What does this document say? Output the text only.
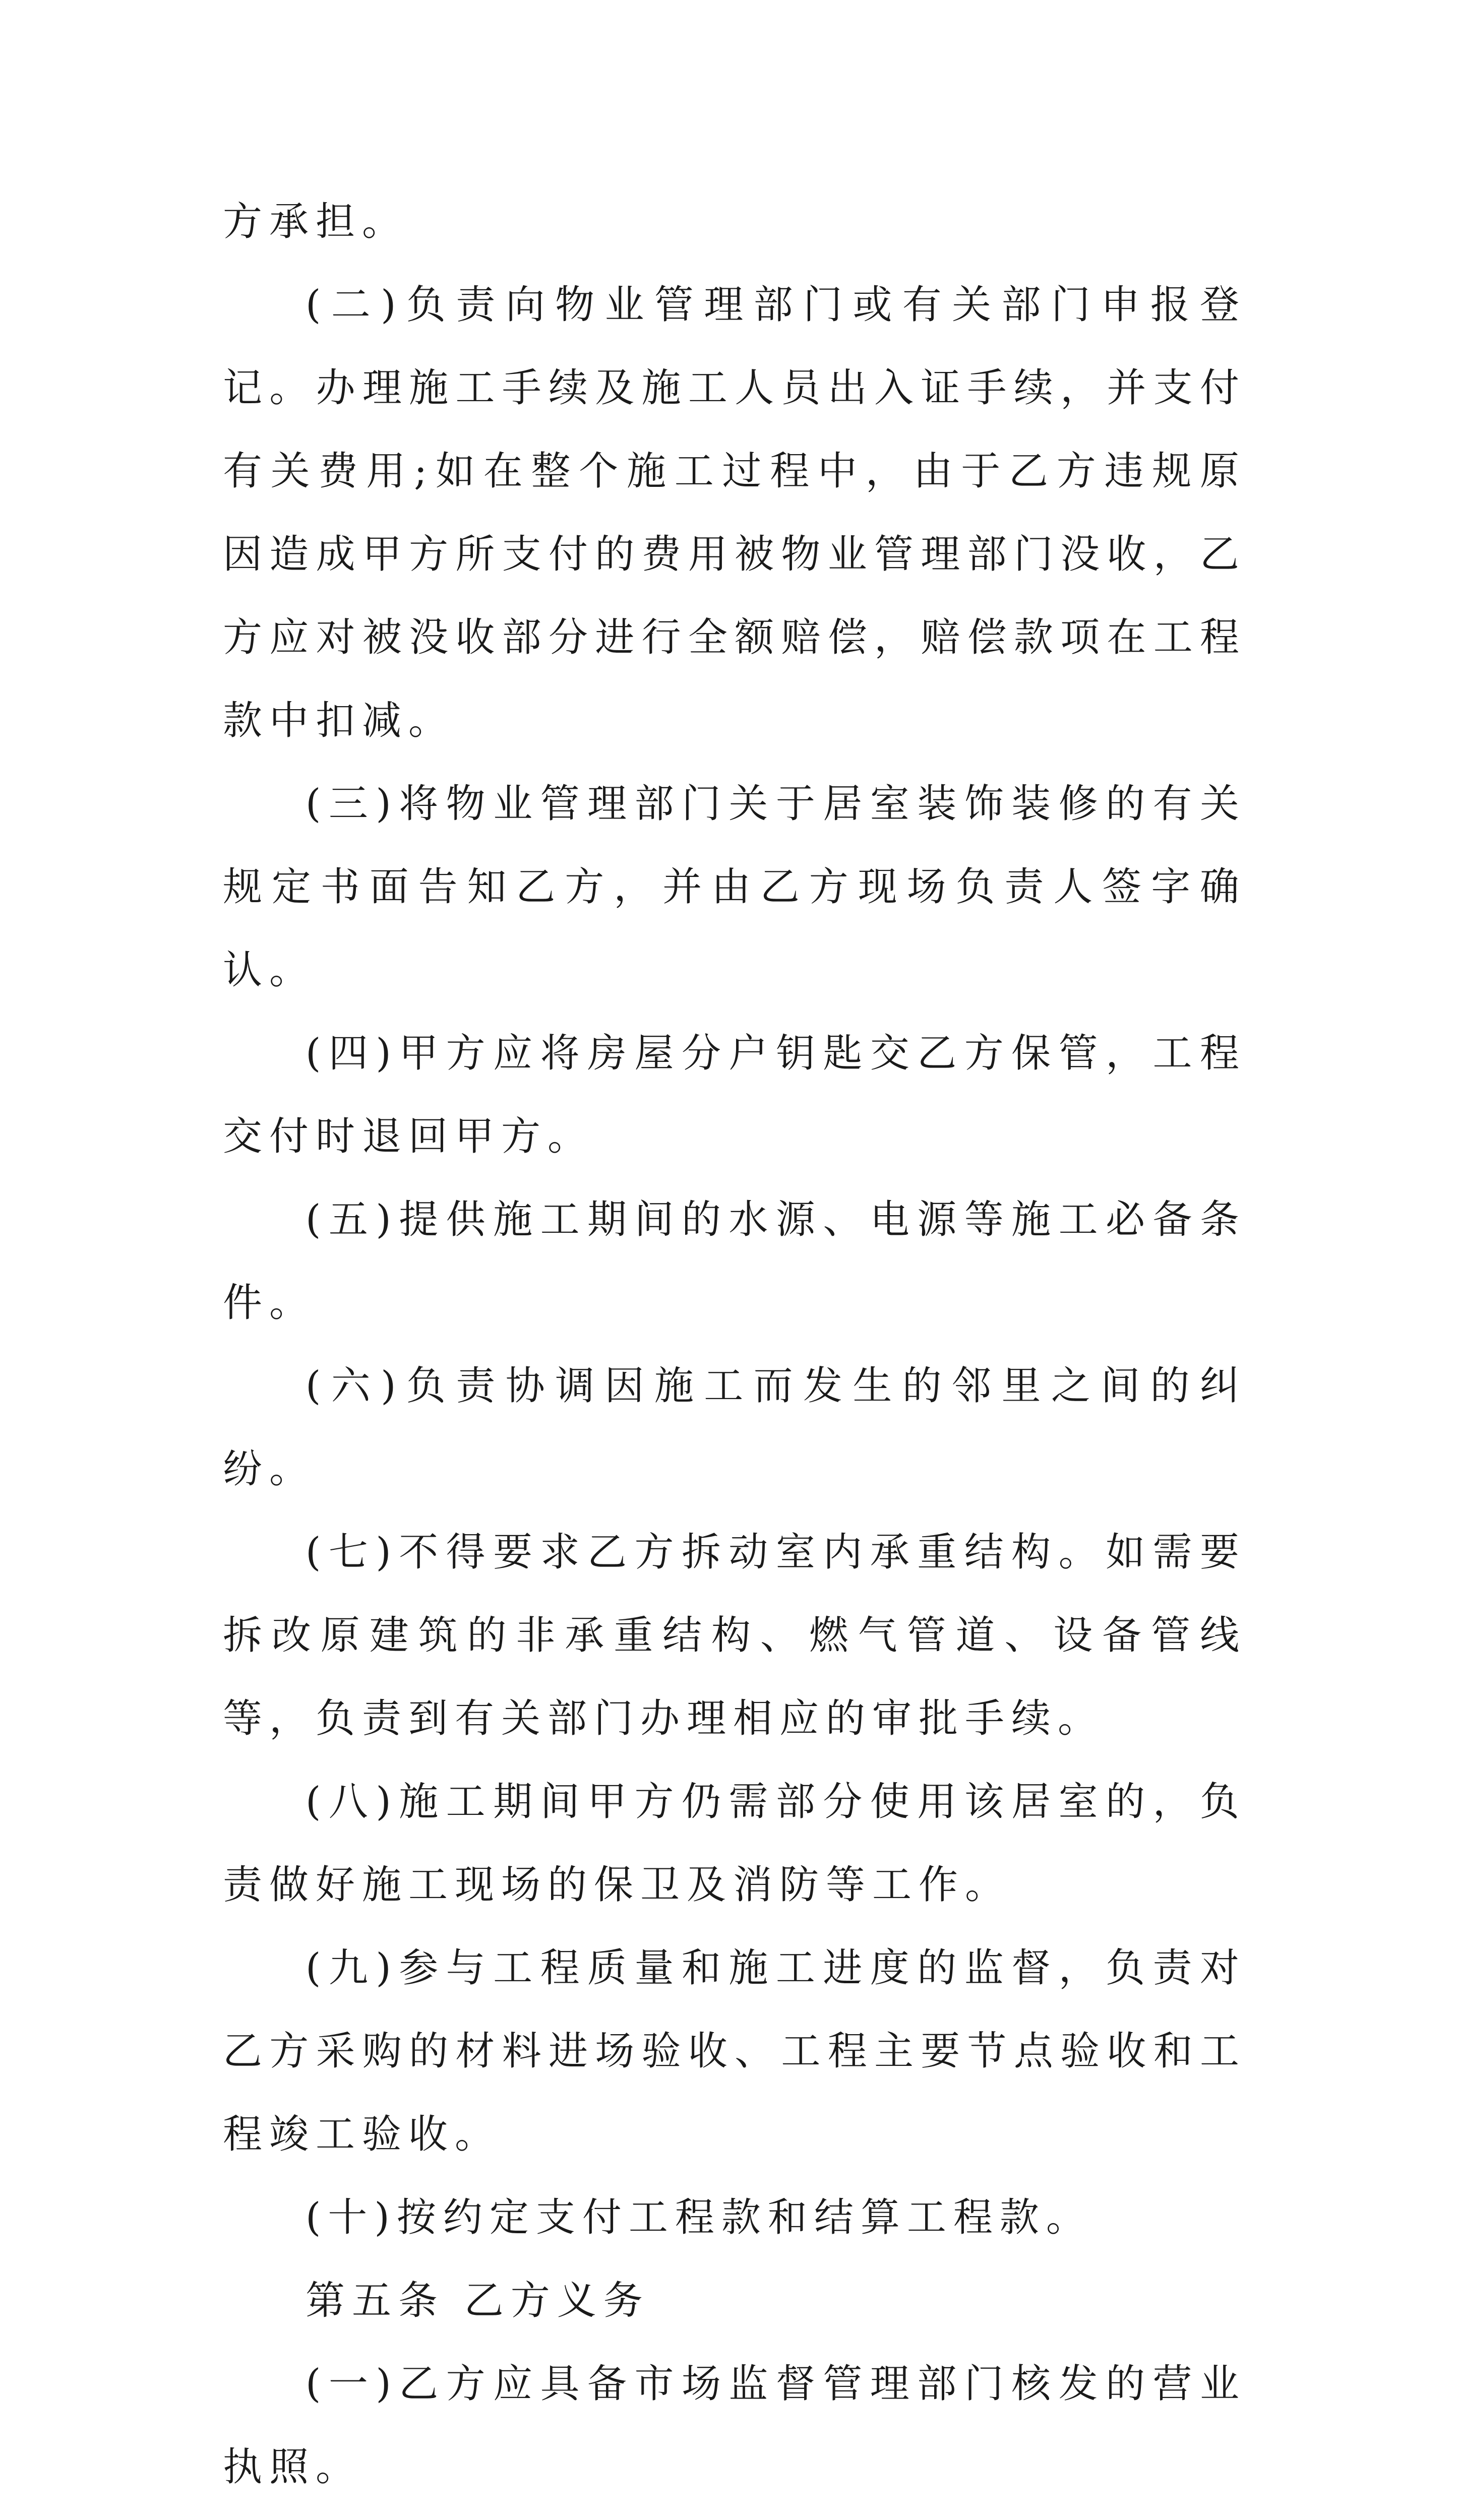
方承担。

(二)负责向物业管理部门或有关部门申报登记。办理施工手续及施工人员出入证手续，并支付有关费用;如在整个施工过程中，由于乙方违规原因造成甲方所支付的费用被物业管理部门没收，乙方应对被没收部分进行全额赔偿，赔偿款项在工程款中扣减。

(三)将物业管理部门关于居室装饰装修的有关规定书面告知乙方，并由乙方现场负责人签字确认。

(四)甲方应将房屋分户钥匙交乙方保管，工程交付时退回甲方。

(五)提供施工期间的水源、电源等施工必备条件。

(六)负责协调因施工而发生的邻里之间的纠纷。

(七)不得要求乙方拆动室内承重结构。如需要拆改原建筑的非承重结构、燃气管道、设备管线等，负责到有关部门办理相应的审批手续。

(八)施工期间甲方仍需部分使用该居室的，负责做好施工现场的保卫及消防等工作。

(九)参与工程质量和施工进度的监督，负责对乙方采购的材料进场验收、工程主要节点验收和工程竣工验收。

(十)按约定支付工程款和结算工程款。

第五条 乙方义务

(一)乙方应具备市场监督管理部门核发的营业执照。
